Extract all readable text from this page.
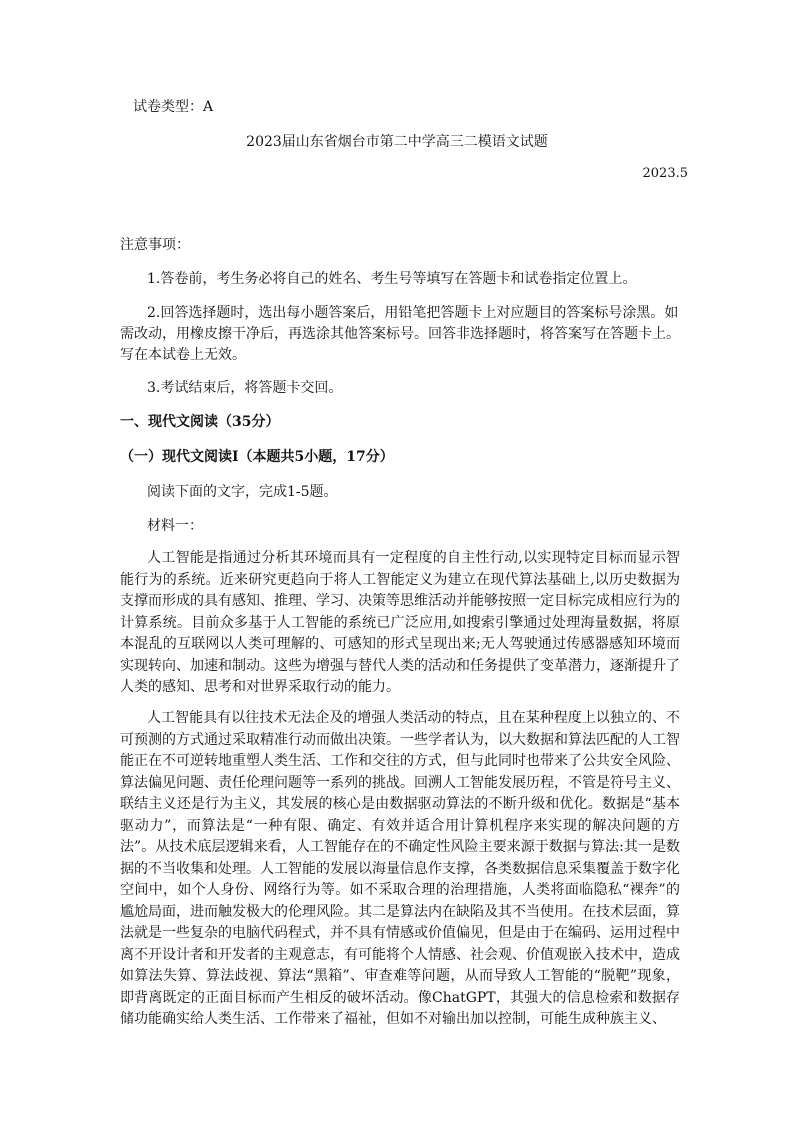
试卷类型：A
2023届山东省烟台市第二中学高三二模语文试题
2023.5
注意事项：
1.答卷前，考生务必将自己的姓名、考生号等填写在答题卡和试卷指定位置上。
2.回答选择题时，选出每小题答案后，用铅笔把答题卡上对应题目的答案标号涂黑。如需改动，用橡皮擦干净后，再选涂其他答案标号。回答非选择题时，将答案写在答题卡上。写在本试卷上无效。
3.考试结束后，将答题卡交回。
一、现代文阅读（35分）
（一）现代文阅读Ⅰ（本题共5小题，17分）
阅读下面的文字，完成1-5题。
材料一：
人工智能是指通过分析其环境而具有一定程度的自主性行动,以实现特定目标而显示智能行为的系统。近来研究更趋向于将人工智能定义为建立在现代算法基础上,以历史数据为支撑而形成的具有感知、推理、学习、决策等思维活动并能够按照一定目标完成相应行为的计算系统。目前众多基于人工智能的系统已广泛应用,如搜索引擎通过处理海量数据，将原本混乱的互联网以人类可理解的、可感知的形式呈现出来;无人驾驶通过传感器感知环境而实现转向、加速和制动。这些为增强与替代人类的活动和任务提供了变革潜力，逐渐提升了人类的感知、思考和对世界采取行动的能力。
人工智能具有以往技术无法企及的增强人类活动的特点，且在某种程度上以独立的、不可预测的方式通过采取精准行动而做出决策。一些学者认为，以大数据和算法匹配的人工智能正在不可逆转地重塑人类生活、工作和交往的方式，但与此同时也带来了公共安全风险、算法偏见问题、责任伦理问题等一系列的挑战。回溯人工智能发展历程，不管是符号主义、联结主义还是行为主义，其发展的核心是由数据驱动算法的不断升级和优化。数据是“基本驱动力”，而算法是“一种有限、确定、有效并适合用计算机程序来实现的解决问题的方法”。从技术底层逻辑来看，人工智能存在的不确定性风险主要来源于数据与算法:其一是数据的不当收集和处理。人工智能的发展以海量信息作支撑，各类数据信息采集覆盖于数字化空间中，如个人身份、网络行为等。如不采取合理的治理措施，人类将面临隐私“裸奔”的尴尬局面，进而触发极大的伦理风险。其二是算法内在缺陷及其不当使用。在技术层面，算法就是一些复杂的电脑代码程式，并不具有情感或价值偏见，但是由于在编码、运用过程中离不开设计者和开发者的主观意志，有可能将个人情感、社会观、价值观嵌入技术中，造成如算法失算、算法歧视、算法“黑箱”、审查难等问题，从而导致人工智能的“脱靶”现象，即背离既定的正面目标而产生相反的破坏活动。像ChatGPT，其强大的信息检索和数据存储功能确实给人类生活、工作带来了福祉，但如不对输出加以控制，可能生成种族主义、
